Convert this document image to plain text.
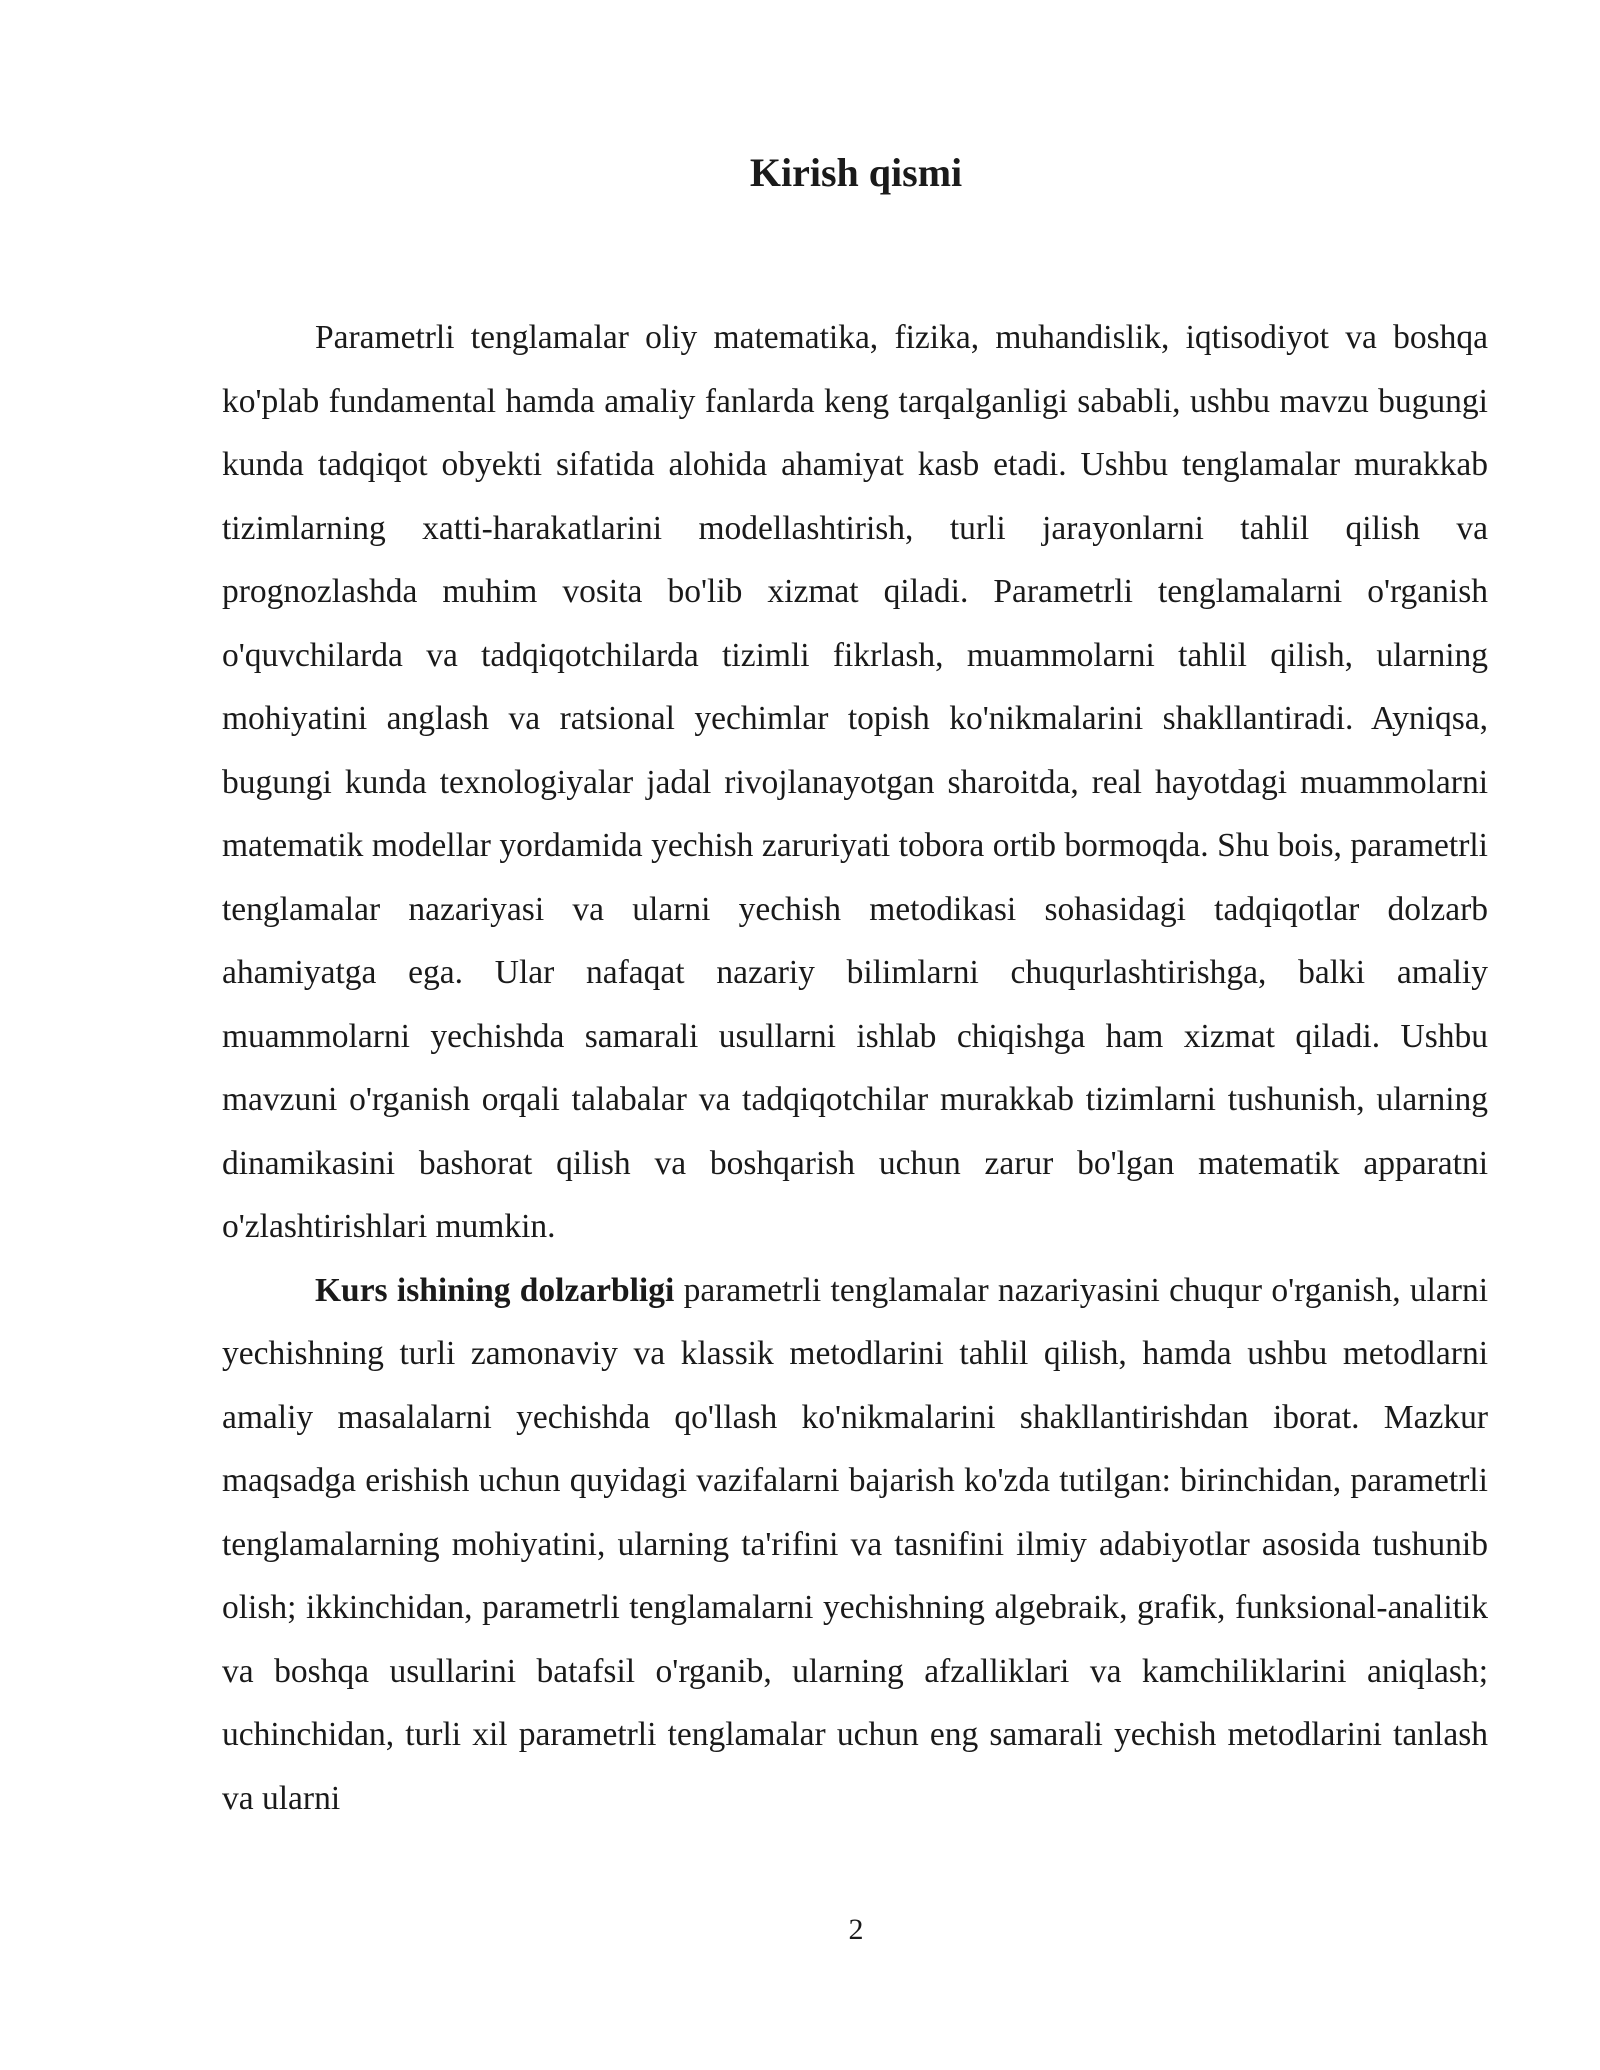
Kirish qismi

Parametrli tenglamalar oliy matematika, fizika, muhandislik, iqtisodiyot va boshqa ko'plab fundamental hamda amaliy fanlarda keng tarqalganligi sababli, ushbu mavzu bugungi kunda tadqiqot obyekti sifatida alohida ahamiyat kasb etadi. Ushbu tenglamalar murakkab tizimlarning xatti-harakatlarini modellashtirish, turli jarayonlarni tahlil qilish va prognozlashda muhim vosita bo'lib xizmat qiladi. Parametrli tenglamalarni o'rganish o'quvchilarda va tadqiqotchilarda tizimli fikrlash, muammolarni tahlil qilish, ularning mohiyatini anglash va ratsional yechimlar topish ko'nikmalarini shakllantiradi. Ayniqsa, bugungi kunda texnologiyalar jadal rivojlanayotgan sharoitda, real hayotdagi muammolarni matematik modellar yordamida yechish zaruriyati tobora ortib bormoqda. Shu bois, parametrli tenglamalar nazariyasi va ularni yechish metodikasi sohasidagi tadqiqotlar dolzarb ahamiyatga ega. Ular nafaqat nazariy bilimlarni chuqurlashtirishga, balki amaliy muammolarni yechishda samarali usullarni ishlab chiqishga ham xizmat qiladi. Ushbu mavzuni o'rganish orqali talabalar va tadqiqotchilar murakkab tizimlarni tushunish, ularning dinamikasini bashorat qilish va boshqarish uchun zarur bo'lgan matematik apparatni o'zlashtirishlari mumkin.

Kurs ishining dolzarbligi parametrli tenglamalar nazariyasini chuqur o'rganish, ularni yechishning turli zamonaviy va klassik metodlarini tahlil qilish, hamda ushbu metodlarni amaliy masalalarni yechishda qo'llash ko'nikmalarini shakllantirishdan iborat. Mazkur maqsadga erishish uchun quyidagi vazifalarni bajarish ko'zda tutilgan: birinchidan, parametrli tenglamalarning mohiyatini, ularning ta'rifini va tasnifini ilmiy adabiyotlar asosida tushunib olish; ikkinchidan, parametrli tenglamalarni yechishning algebraik, grafik, funksional-analitik va boshqa usullarini batafsil o'rganib, ularning afzalliklari va kamchiliklarini aniqlash; uchinchidan, turli xil parametrli tenglamalar uchun eng samarali yechish metodlarini tanlash va ularni

2
